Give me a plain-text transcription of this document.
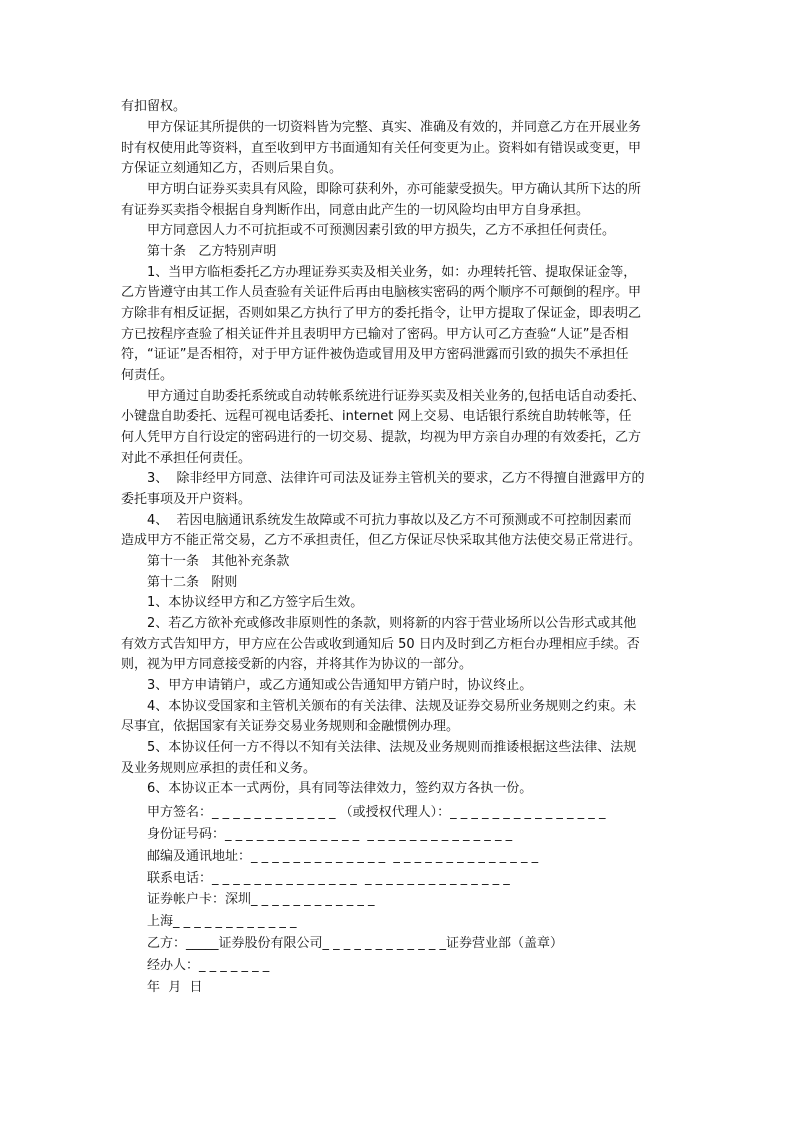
有扣留权。
甲方保证其所提供的一切资料皆为完整、真实、准确及有效的，并同意乙方在开展业务
时有权使用此等资料，直至收到甲方书面通知有关任何变更为止。资料如有错误或变更，甲
方保证立刻通知乙方，否则后果自负。
甲方明白证券买卖具有风险，即除可获利外，亦可能蒙受损失。甲方确认其所下达的所
有证券买卖指令根据自身判断作出，同意由此产生的一切风险均由甲方自身承担。
甲方同意因人力不可抗拒或不可预测因素引致的甲方损失，乙方不承担任何责任。
第十条   乙方特别声明
1、当甲方临柜委托乙方办理证券买卖及相关业务，如：办理转托管、提取保证金等，
乙方皆遵守由其工作人员查验有关证件后再由电脑核实密码的两个顺序不可颠倒的程序。甲
方除非有相反证据，否则如果乙方执行了甲方的委托指令，让甲方提取了保证金，即表明乙
方已按程序查验了相关证件并且表明甲方已输对了密码。甲方认可乙方查验“人证”是否相
符，“证证”是否相符，对于甲方证件被伪造或冒用及甲方密码泄露而引致的损失不承担任
何责任。
甲方通过自助委托系统或自动转帐系统进行证券买卖及相关业务的,包括电话自动委托、
小键盘自助委托、远程可视电话委托、internet 网上交易、电话银行系统自助转帐等，任
何人凭甲方自行设定的密码进行的一切交易、提款，均视为甲方亲自办理的有效委托，乙方
对此不承担任何责任。
3、  除非经甲方同意、法律许可司法及证券主管机关的要求，乙方不得擅自泄露甲方的
委托事项及开户资料。
4、  若因电脑通讯系统发生故障或不可抗力事故以及乙方不可预测或不可控制因素而
造成甲方不能正常交易，乙方不承担责任，但乙方保证尽快采取其他方法使交易正常进行。
第十一条   其他补充条款
第十二条   附则
1、本协议经甲方和乙方签字后生效。
2、若乙方欲补充或修改非原则性的条款，则将新的内容于营业场所以公告形式或其他
有效方式告知甲方，甲方应在公告或收到通知后 50 日内及时到乙方柜台办理相应手续。否
则，视为甲方同意接受新的内容，并将其作为协议的一部分。
3、甲方申请销户，或乙方通知或公告通知甲方销户时，协议终止。
4、本协议受国家和主管机关颁布的有关法律、法规及证券交易所业务规则之约束。未
尽事宜，依据国家有关证券交易业务规则和金融惯例办理。
5、本协议任何一方不得以不知有关法律、法规及业务规则而推诿根据这些法律、法规
及业务规则应承担的责任和义务。
6、本协议正本一式两份，具有同等法律效力，签约双方各执一份。
甲方签名：_ _ _ _ _ _ _ _ _ _ _ _ （或授权代理人）：_ _ _ _ _ _ _ _ _ _ _ _ _ _ _
身份证号码：_ _ _ _ _ _ _ _ _ _ _ _ _  _ _ _ _ _ _ _ _ _ _ _ _ _ _
邮编及通讯地址：_ _ _ _ _ _ _ _ _ _ _ _ _  _ _ _ _ _ _ _ _ _ _ _ _ _ _
联系电话：_ _ _ _ _ _ _ _ _ _ _ _ _ _  _ _ _ _ _ _ _ _ _ _ _ _ _ _
证券帐户卡：深圳_ _ _ _ _ _ _ _ _ _ _ _
上海_ _ _ _ _ _ _ _ _ _ _ _
乙方：_____证券股份有限公司_ _ _ _ _ _ _ _ _ _ _ _证券营业部（盖章）
经办人：_ _ _ _ _ _ _
年  月  日
